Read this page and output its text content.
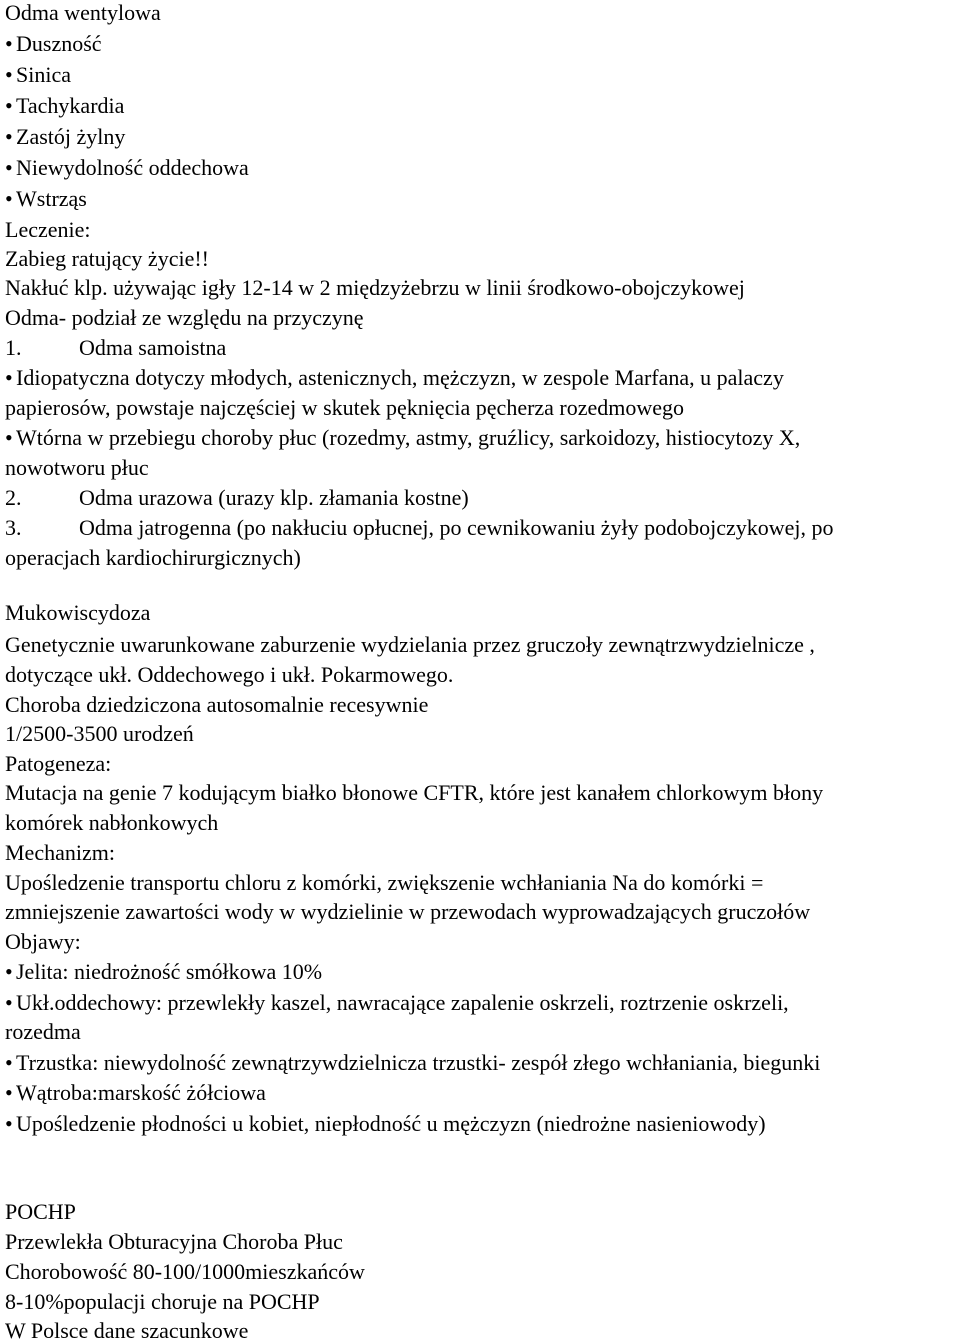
Odma wentylowa
• Duszność
• Sinica
• Tachykardia
• Zastój żylny
• Niewydolność oddechowa
• Wstrząs
Leczenie:
Zabieg ratujący życie!!
Nakłuć klp. używając igły 12-14 w 2 międzyżebrzu w linii środkowo-obojczykowej
Odma- podział ze względu na przyczynę
1.	Odma samoistna
• Idiopatyczna dotyczy młodych, astenicznych, mężczyzn, w zespole Marfana, u palaczy
papierosów, powstaje najczęściej w skutek pęknięcia pęcherza rozedmowego
• Wtórna w przebiegu choroby płuc (rozedmy, astmy, gruźlicy, sarkoidozy, histiocytozy X,
nowotworu płuc
2.	Odma urazowa (urazy klp. złamania kostne)
3.	Odma jatrogenna (po nakłuciu opłucnej, po cewnikowaniu żyły podobojczykowej, po
operacjach kardiochirurgicznych)
Mukowiscydoza
Genetycznie uwarunkowane zaburzenie wydzielania przez gruczoły zewnątrzwydzielnicze ,
dotyczące ukł. Oddechowego i ukł. Pokarmowego.
Choroba dziedziczona autosomalnie recesywnie
1/2500-3500 urodzeń
Patogeneza:
Mutacja na genie 7 kodującym białko błonowe CFTR, które jest kanałem chlorkowym błony
komórek nabłonkowych
Mechanizm:
Upośledzenie transportu chloru z komórki, zwiększenie wchłaniania Na do komórki =
zmniejszenie zawartości wody w wydzielinie w przewodach wyprowadzających gruczołów
Objawy:
• Jelita: niedrożność smółkowa 10%
• Ukł.oddechowy: przewlekły kaszel, nawracające zapalenie oskrzeli, roztrzenie oskrzeli,
rozedma
• Trzustka: niewydolność zewnątrzywdzielnicza trzustki- zespół złego wchłaniania, biegunki
• Wątroba:marskość żółciowa
• Upośledzenie płodności u kobiet, niepłodność u mężczyzn (niedrożne nasieniowody)
POCHP
Przewlekła Obturacyjna Choroba Płuc
Chorobowość 80-100/1000mieszkańców
8-10%populacji choruje na POCHP
W Polsce dane szacunkowe
